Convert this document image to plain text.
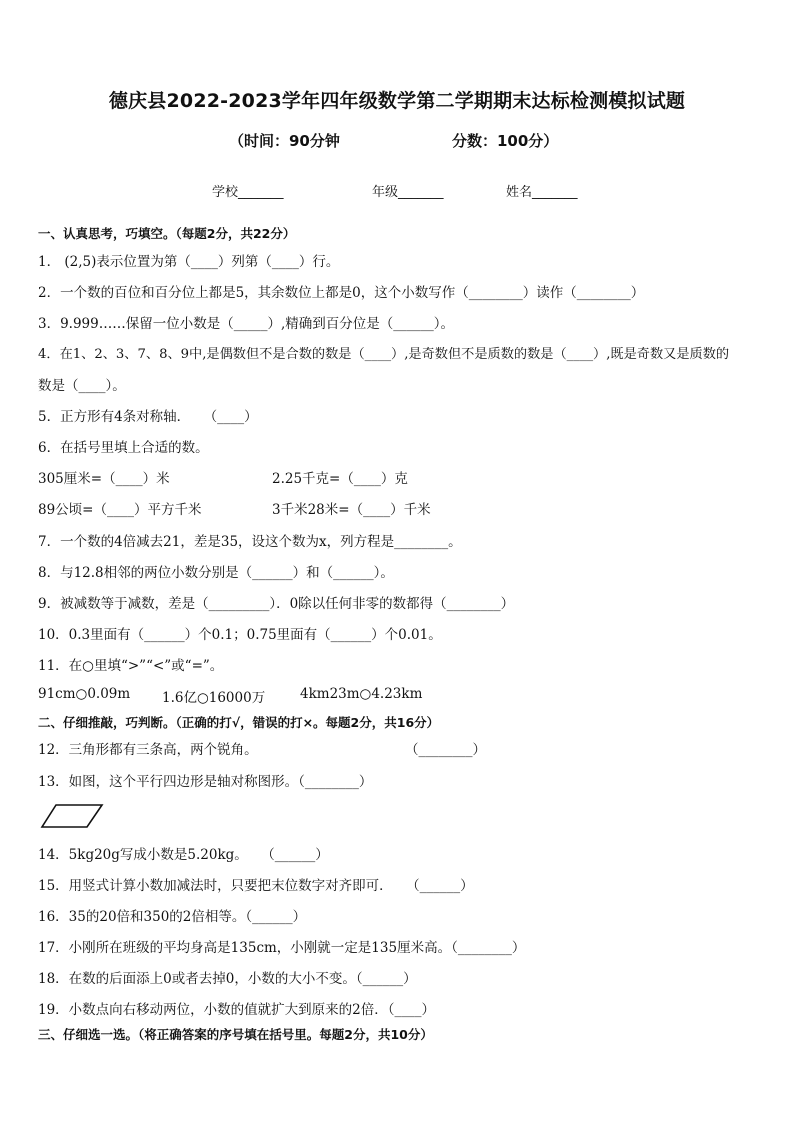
德庆县2022-2023学年四年级数学第二学期期末达标检测模拟试题
（时间：90分钟	分数：100分）
学校_______	年级_______	姓名_______
一、认真思考，巧填空。（每题2分，共22分）
1． (2,5)表示位置为第（____）列第（____）行。
2．一个数的百位和百分位上都是5，其余数位上都是0，这个小数写作（________）读作（________）
3．9.999……保留一位小数是（_____）,精确到百分位是（______）。
4．在1、2、3、7、8、9中,是偶数但不是合数的数是（____）,是奇数但不是质数的数是（____）,既是奇数又是质数的
数是（____）。
5．正方形有4条对称轴．　　（____）
6．在括号里填上合适的数。
305厘米=（____）米	2.25千克=（____）克
89公顷=（____）平方千米	3千米28米=（____）千米
7．一个数的4倍减去21，差是35，设这个数为x，列方程是________。
8．与12.8相邻的两位小数分别是（______）和（______）。
9．被减数等于减数，差是（_________）．0除以任何非零的数都得（________）
10．0.3里面有（______）个0.1；0.75里面有（______）个0.01。
11．在○里填“>”“<”或“=”。
91cm○0.09m 1.6亿○16000万	4km23m○4.23km
二、仔细推敲，巧判断。（正确的打√，错误的打×。每题2分，共16分）
12．三角形都有三条高，两个锐角。	（________）
13．如图，这个平行四边形是轴对称图形。（________）
14．5kg20g写成小数是5.20kg。　　（______）
15．用竖式计算小数加减法时，只要把末位数字对齐即可．　　（______）
16．35的20倍和350的2倍相等。（______）
17．小刚所在班级的平均身高是135cm，小刚就一定是135厘米高。（________）
18．在数的后面添上0或者去掉0，小数的大小不变。（______）
19．小数点向右移动两位，小数的值就扩大到原来的2倍．（____）
三、仔细选一选。（将正确答案的序号填在括号里。每题2分，共10分）
